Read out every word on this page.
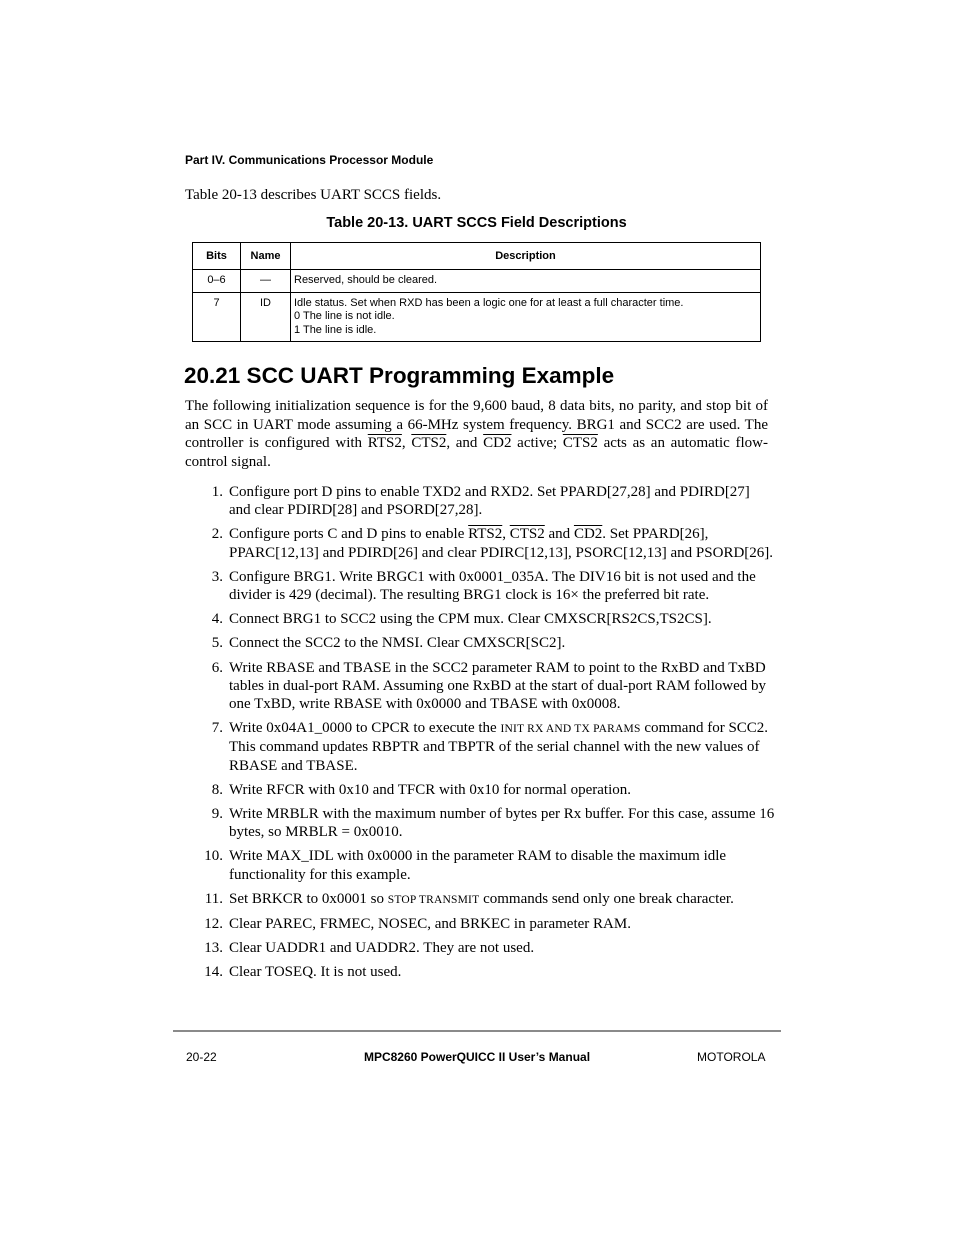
Part IV. Communications Processor Module
Table 20-13 describes UART SCCS fields.
Table 20-13. UART SCCS Field Descriptions
Bits	Name	Description
0–6	—	Reserved, should be cleared.

7	ID	Idle status. Set when RXD has been a logic one for at least a full character time.
0 The line is not idle.
1 The line is idle.
20.21 SCC UART Programming Example

The following initialization sequence is for the 9,600 baud, 8 data bits, no parity, and stop bit of an SCC in UART mode assuming a 66-MHz system frequency. BRG1 and SCC2 are used. The controller is configured with RTS2, CTS2, and CD2 active; CTS2 acts as an automatic flow-control signal.

1. Configure port D pins to enable TXD2 and RXD2. Set PPARD[27,28] and PDIRD[27] and clear PDIRD[28] and PSORD[27,28].
2. Configure ports C and D pins to enable RTS2, CTS2 and CD2. Set PPARD[26], PPARC[12,13] and PDIRD[26] and clear PDIRC[12,13], PSORC[12,13] and PSORD[26].
3. Configure BRG1. Write BRGC1 with 0x0001_035A. The DIV16 bit is not used and the divider is 429 (decimal). The resulting BRG1 clock is 16× the preferred bit rate.
4. Connect BRG1 to SCC2 using the CPM mux. Clear CMXSCR[RS2CS,TS2CS].
5. Connect the SCC2 to the NMSI. Clear CMXSCR[SC2].
6. Write RBASE and TBASE in the SCC2 parameter RAM to point to the RxBD and TxBD tables in dual-port RAM. Assuming one RxBD at the start of dual-port RAM followed by one TxBD, write RBASE with 0x0000 and TBASE with 0x0008.
7. Write 0x04A1_0000 to CPCR to execute the INIT RX AND TX PARAMS command for SCC2. This command updates RBPTR and TBPTR of the serial channel with the new values of RBASE and TBASE.
8. Write RFCR with 0x10 and TFCR with 0x10 for normal operation.
9. Write MRBLR with the maximum number of bytes per Rx buffer. For this case, assume 16 bytes, so MRBLR = 0x0010.
10. Write MAX_IDL with 0x0000 in the parameter RAM to disable the maximum idle functionality for this example.
11. Set BRKCR to 0x0001 so STOP TRANSMIT commands send only one break character.
12. Clear PAREC, FRMEC, NOSEC, and BRKEC in parameter RAM.
13. Clear UADDR1 and UADDR2. They are not used.
14. Clear TOSEQ. It is not used.
20-22	MPC8260 PowerQUICC II User’s Manual	MOTOROLA
